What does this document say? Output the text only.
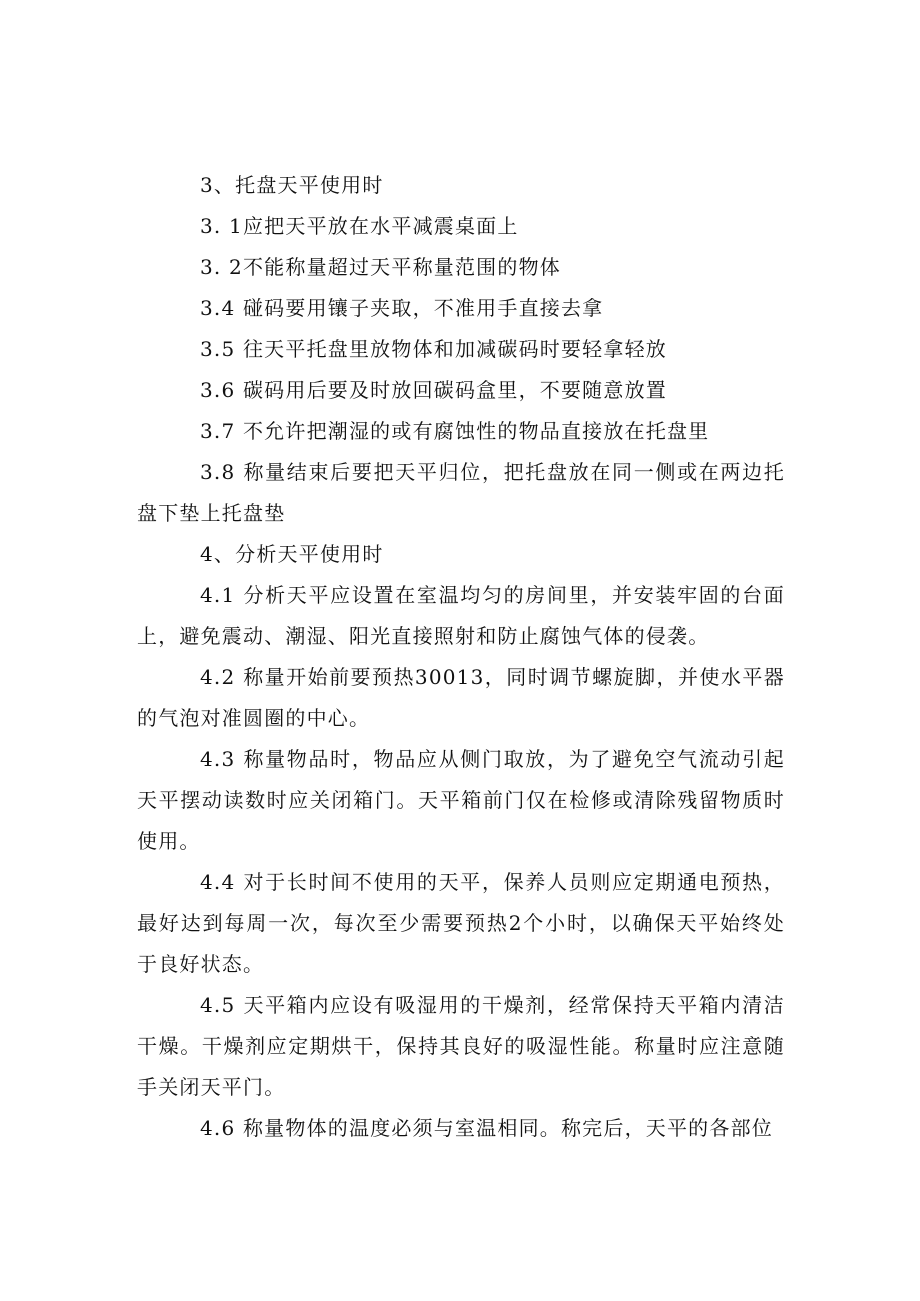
3、托盘天平使用时

3. 1应把天平放在水平减震桌面上

3. 2不能称量超过天平称量范围的物体

3.4 碰码要用镶子夹取，不准用手直接去拿

3.5 往天平托盘里放物体和加减碳码时要轻拿轻放

3.6 碳码用后要及时放回碳码盒里，不要随意放置

3.7 不允许把潮湿的或有腐蚀性的物品直接放在托盘里

3.8 称量结束后要把天平归位，把托盘放在同一侧或在两边托盘下垫上托盘垫

4、分析天平使用时

4.1 分析天平应设置在室温均匀的房间里，并安装牢固的台面上，避免震动、潮湿、阳光直接照射和防止腐蚀气体的侵袭。

4.2 称量开始前要预热30013，同时调节螺旋脚，并使水平器的气泡对准圆圈的中心。

4.3 称量物品时，物品应从侧门取放，为了避免空气流动引起天平摆动读数时应关闭箱门。天平箱前门仅在检修或清除残留物质时使用。

4.4 对于长时间不使用的天平，保养人员则应定期通电预热，最好达到每周一次，每次至少需要预热2个小时，以确保天平始终处于良好状态。

4.5 天平箱内应设有吸湿用的干燥剂，经常保持天平箱内清洁干燥。干燥剂应定期烘干，保持其良好的吸湿性能。称量时应注意随手关闭天平门。

4.6 称量物体的温度必须与室温相同。称完后，天平的各部位
